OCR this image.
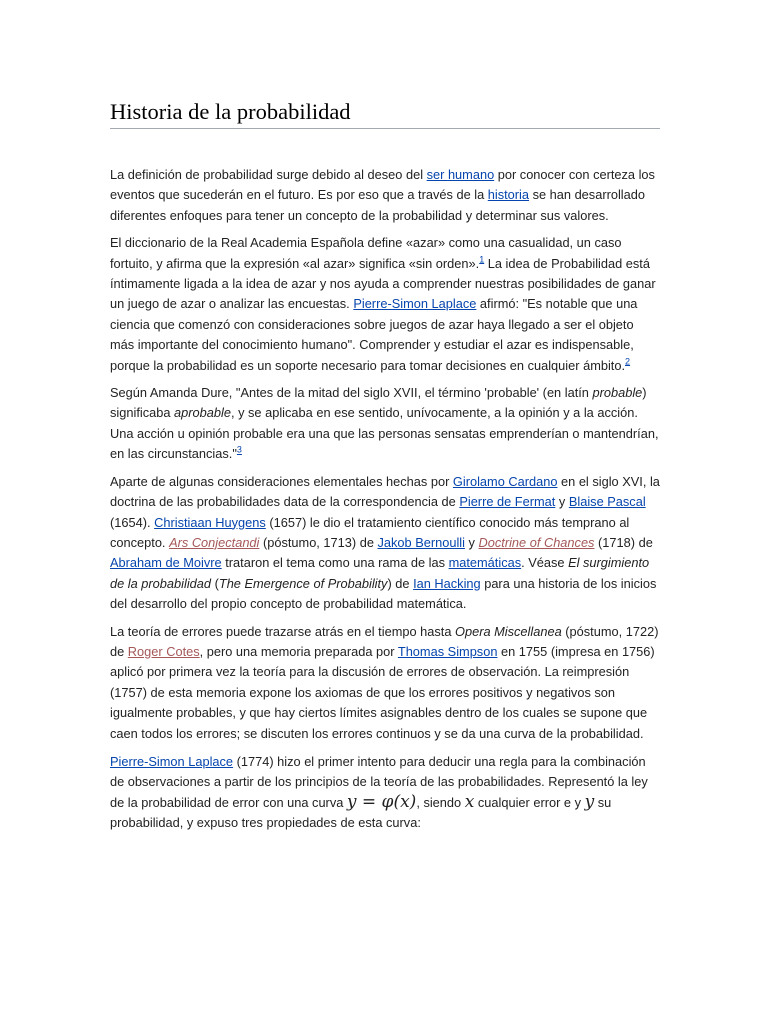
Historia de la probabilidad

La definición de probabilidad surge debido al deseo del ser humano por conocer con certeza los eventos que sucederán en el futuro. Es por eso que a través de la historia se han desarrollado diferentes enfoques para tener un concepto de la probabilidad y determinar sus valores.

El diccionario de la Real Academia Española define «azar» como una casualidad, un caso fortuito, y afirma que la expresión «al azar» significa «sin orden».$^1$ La idea de Probabilidad está íntimamente ligada a la idea de azar y nos ayuda a comprender nuestras posibilidades de ganar un juego de azar o analizar las encuestas. Pierre-Simon Laplace afirmó: "Es notable que una ciencia que comenzó con consideraciones sobre juegos de azar haya llegado a ser el objeto más importante del conocimiento humano". Comprender y estudiar el azar es indispensable, porque la probabilidad es un soporte necesario para tomar decisiones en cualquier ámbito.$^2$

Según Amanda Dure, "Antes de la mitad del siglo XVII, el término 'probable' (en latín probable) significaba aprobable, y se aplicaba en ese sentido, unívocamente, a la opinión y a la acción. Una acción u opinión probable era una que las personas sensatas emprenderían o mantendrían, en las circunstancias."$^3$

Aparte de algunas consideraciones elementales hechas por Girolamo Cardano en el siglo XVI, la doctrina de las probabilidades data de la correspondencia de Pierre de Fermat y Blaise Pascal (1654). Christiaan Huygens (1657) le dio el tratamiento científico conocido más temprano al concepto. Ars Conjectandi (póstumo, 1713) de Jakob Bernoulli y Doctrine of Chances (1718) de Abraham de Moivre trataron el tema como una rama de las matemáticas. Véase El surgimiento de la probabilidad (The Emergence of Probability) de Ian Hacking para una historia de los inicios del desarrollo del propio concepto de probabilidad matemática.

La teoría de errores puede trazarse atrás en el tiempo hasta Opera Miscellanea (póstumo, 1722) de Roger Cotes, pero una memoria preparada por Thomas Simpson en 1755 (impresa en 1756) aplicó por primera vez la teoría para la discusión de errores de observación. La reimpresión (1757) de esta memoria expone los axiomas de que los errores positivos y negativos son igualmente probables, y que hay ciertos límites asignables dentro de los cuales se supone que caen todos los errores; se discuten los errores continuos y se da una curva de la probabilidad.

Pierre-Simon Laplace (1774) hizo el primer intento para deducir una regla para la combinación de observaciones a partir de los principios de la teoría de las probabilidades. Representó la ley de la probabilidad de error con una curva y = φ(x), siendo x cualquier error e y y su probabilidad, y expuso tres propiedades de esta curva:
